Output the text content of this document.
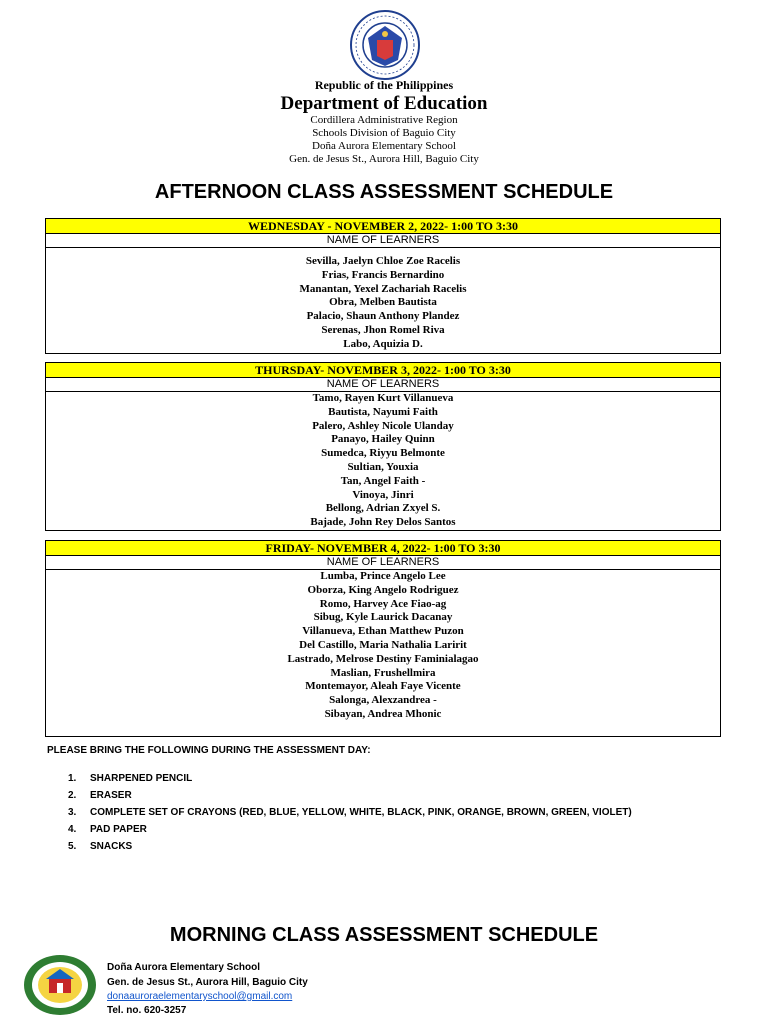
Republic of the Philippines
Department of Education
Cordillera Administrative Region
Schools Division of Baguio City
Doña Aurora Elementary School
Gen. de Jesus St., Aurora Hill, Baguio City
AFTERNOON CLASS ASSESSMENT SCHEDULE
WEDNESDAY - NOVEMBER 2, 2022- 1:00 TO 3:30
NAME OF LEARNERS
Sevilla, Jaelyn Chloe Zoe Racelis
Frias, Francis Bernardino
Manantan, Yexel Zachariah Racelis
Obra, Melben Bautista
Palacio, Shaun Anthony Plandez
Serenas, Jhon Romel Riva
Labo, Aquizia D.
THURSDAY- NOVEMBER 3, 2022- 1:00 TO 3:30
NAME OF LEARNERS
Tamo, Rayen Kurt Villanueva
Bautista, Nayumi Faith
Palero, Ashley Nicole Ulanday
Panayo, Hailey Quinn
Sumedca, Riyyu Belmonte
Sultian, Youxia
Tan, Angel Faith -
Vinoya, Jinri
Bellong, Adrian Zxyel S.
Bajade, John Rey Delos Santos
FRIDAY- NOVEMBER 4, 2022- 1:00 TO 3:30
NAME OF LEARNERS
Lumba, Prince Angelo Lee
Oborza, King Angelo Rodriguez
Romo, Harvey Ace Fiao-ag
Sibug, Kyle Laurick Dacanay
Villanueva, Ethan Matthew Puzon
Del Castillo, Maria Nathalia Laririt
Lastrado, Melrose Destiny Faminialagao
Maslian, Frushellmira
Montemayor, Aleah Faye Vicente
Salonga, Alexzandrea -
Sibayan, Andrea Mhonic
PLEASE BRING THE FOLLOWING DURING THE ASSESSMENT DAY:
1. SHARPENED PENCIL
2. ERASER
3. COMPLETE SET OF CRAYONS (RED, BLUE, YELLOW, WHITE, BLACK, PINK, ORANGE, BROWN, GREEN, VIOLET)
4. PAD PAPER
5. SNACKS
MORNING CLASS ASSESSMENT SCHEDULE
Doña Aurora Elementary School
Gen. de Jesus St., Aurora Hill, Baguio City
donaauroraelementaryschool@gmail.com
Tel. no. 620-3257
